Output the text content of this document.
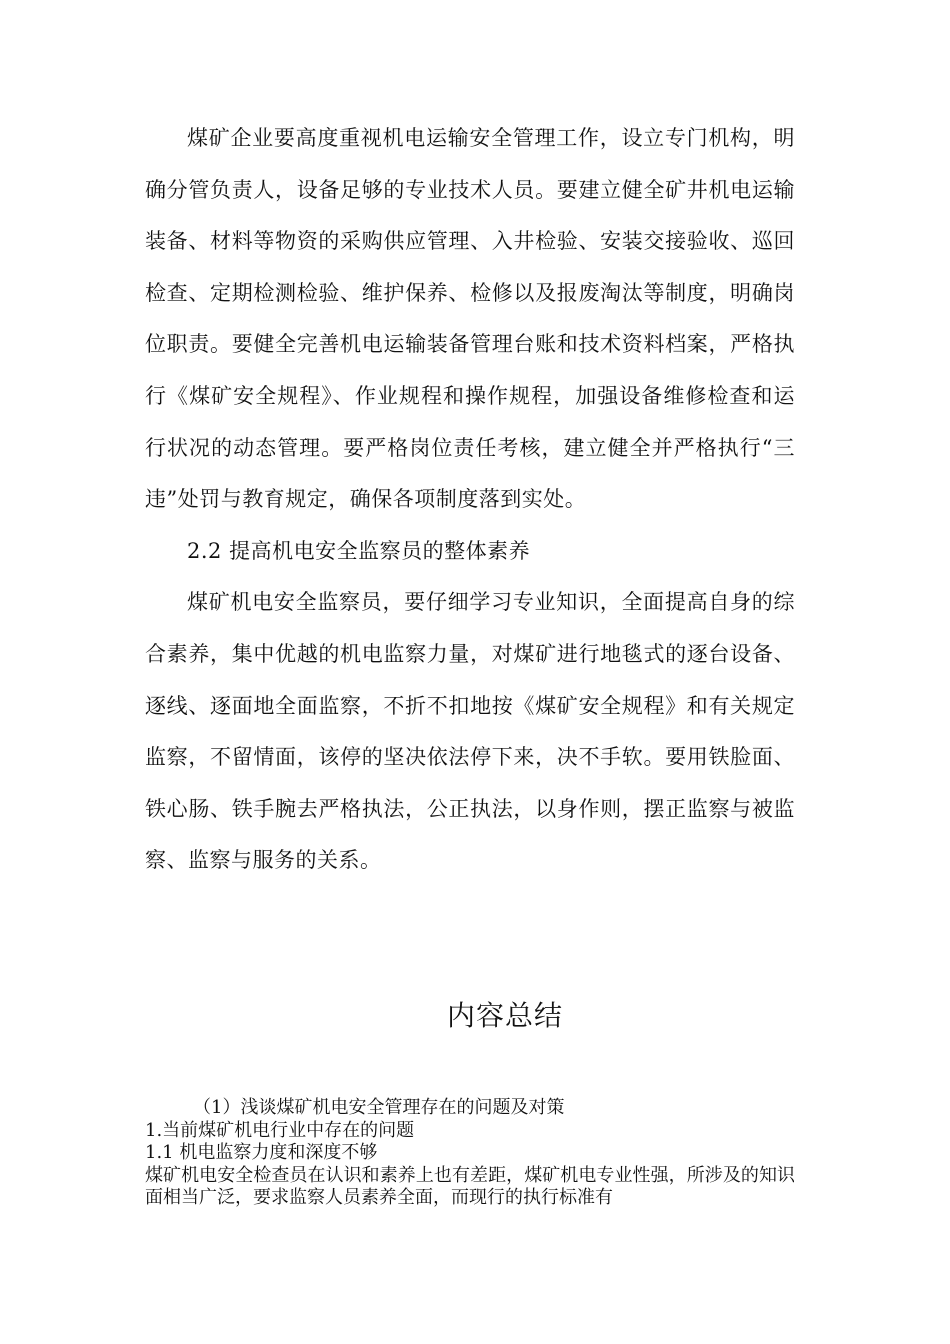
煤矿企业要高度重视机电运输安全管理工作，设立专门机构，明确分管负责人，设备足够的专业技术人员。要建立健全矿井机电运输装备、材料等物资的采购供应管理、入井检验、安装交接验收、巡回检查、定期检测检验、维护保养、检修以及报废淘汰等制度，明确岗位职责。要健全完善机电运输装备管理台账和技术资料档案，严格执行《煤矿安全规程》、作业规程和操作规程，加强设备维修检查和运行状况的动态管理。要严格岗位责任考核，建立健全并严格执行“三违”处罚与教育规定，确保各项制度落到实处。

2.2 提高机电安全监察员的整体素养

煤矿机电安全监察员，要仔细学习专业知识，全面提高自身的综合素养，集中优越的机电监察力量，对煤矿进行地毯式的逐台设备、逐线、逐面地全面监察，不折不扣地按《煤矿安全规程》和有关规定监察，不留情面，该停的坚决依法停下来，决不手软。要用铁脸面、铁心肠、铁手腕去严格执法，公正执法，以身作则，摆正监察与被监察、监察与服务的关系。

内容总结

（1）浅谈煤矿机电安全管理存在的问题及对策

1.当前煤矿机电行业中存在的问题

1.1 机电监察力度和深度不够

煤矿机电安全检查员在认识和素养上也有差距，煤矿机电专业性强，所涉及的知识面相当广泛，要求监察人员素养全面，而现行的执行标准有
